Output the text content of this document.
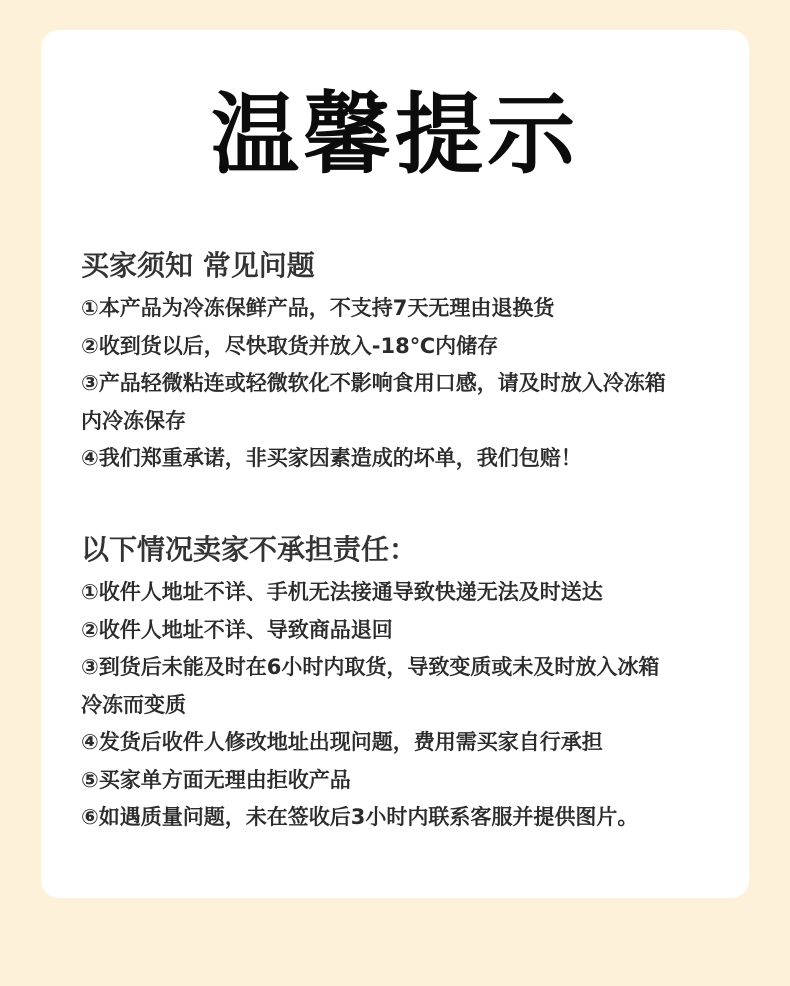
温馨提示
买家须知 常见问题
①本产品为冷冻保鲜产品，不支持7天无理由退换货
②收到货以后，尽快取货并放入-18℃内储存
③产品轻微粘连或轻微软化不影响食用口感，请及时放入冷冻箱
内冷冻保存
④我们郑重承诺，非买家因素造成的坏单，我们包赔！
以下情况卖家不承担责任：
①收件人地址不详、手机无法接通导致快递无法及时送达
②收件人地址不详、导致商品退回
③到货后未能及时在6小时内取货，导致变质或未及时放入冰箱
冷冻而变质
④发货后收件人修改地址出现问题，费用需买家自行承担
⑤买家单方面无理由拒收产品
⑥如遇质量问题，未在签收后3小时内联系客服并提供图片。
